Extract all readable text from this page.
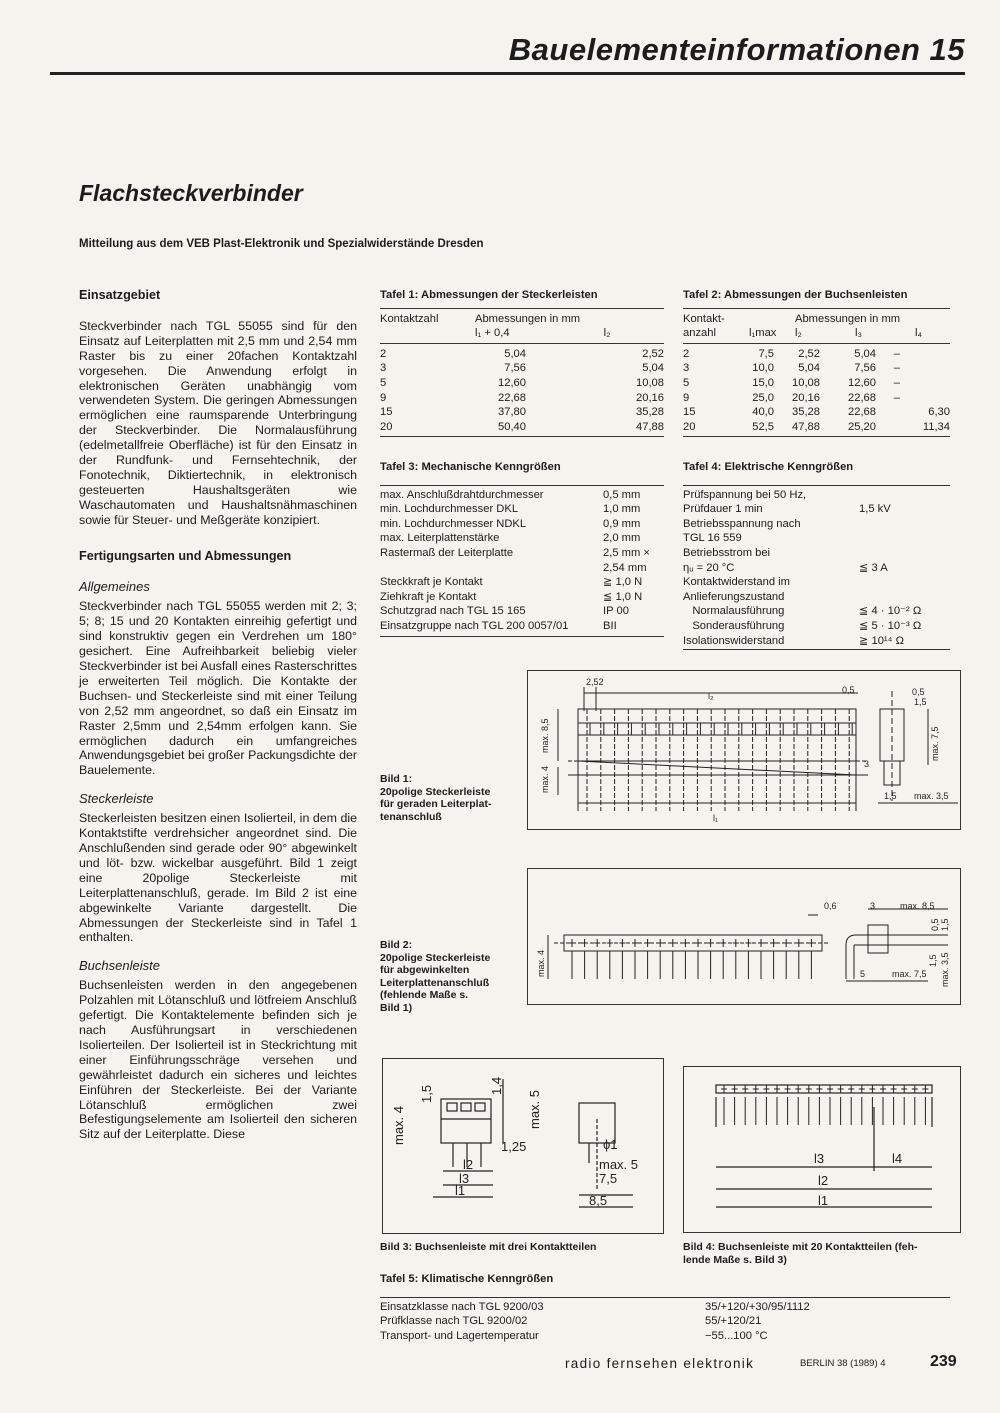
Bauelementeinformationen 15
Flachsteckverbinder
Mitteilung aus dem VEB Plast-Elektronik und Spezialwiderstände Dresden
Einsatzgebiet

Steckverbinder nach TGL 55055 sind für den Einsatz auf Leiterplatten mit 2,5 mm und 2,54 mm Raster bis zu einer 20fachen Kontaktzahl vorgesehen. Die Anwendung erfolgt in elektronischen Geräten unabhängig vom verwendeten System. Die geringen Abmessungen ermöglichen eine raumsparende Unterbringung der Steckverbinder. Die Normalausführung (edelmetallfreie Oberfläche) ist für den Einsatz in der Rundfunk- und Fernsehtechnik, der Fonotechnik, Diktiertechnik, in elektronisch gesteuerten Haushaltsgeräten wie Waschautomaten und Haushaltsnähmaschinen sowie für Steuer- und Meßgeräte konzipiert.

Fertigungsarten und Abmessungen
Allgemeines

Steckverbinder nach TGL 55055 werden mit 2; 3; 5; 8; 15 und 20 Kontakten einreihig gefertigt und sind konstruktiv gegen ein Verdrehen um 180° gesichert. Eine Aufreihbarkeit beliebig vieler Steckverbinder ist bei Ausfall eines Rasterschrittes je erweiterten Teil möglich. Die Kontakte der Buchsen- und Steckerleiste sind mit einer Teilung von 2,52 mm angeordnet, so daß ein Einsatz im Raster 2,5mm und 2,54mm erfolgen kann. Sie ermöglichen dadurch ein umfangreiches Anwendungsgebiet bei großer Packungsdichte der Bauelemente.

Steckerleiste

Steckerleisten besitzen einen Isolierteil, in dem die Kontaktstifte verdrehsicher angeordnet sind. Die Anschlußenden sind gerade oder 90° abgewinkelt und löt- bzw. wickelbar ausgeführt. Bild 1 zeigt eine 20polige Steckerleiste mit Leiterplattenanschluß, gerade. Im Bild 2 ist eine abgewinkelte Variante dargestellt. Die Abmessungen der Steckerleiste sind in Tafel 1 enthalten.

Buchsenleiste

Buchsenleisten werden in den angegebenen Polzahlen mit Lötanschluß und lötfreiem Anschluß gefertigt. Die Kontaktelemente befinden sich je nach Ausführungsart in verschiedenen Isolierteilen. Der Isolierteil ist in Steckrichtung mit einer Einführungsschräge versehen und gewährleistet dadurch ein sicheres und leichtes Einführen der Steckerleiste. Bei der Variante Lötanschluß ermöglichen zwei Befestigungselemente am Isolierteil den sicheren Sitz auf der Leiterplatte. Diese

Tafel 1: Abmessungen der Steckerleisten
Kontaktzahl	Abmessungen in mm	
	l₁ + 0,4	l₂
2	5,04	2,52
3	7,56	5,04
5	12,60	10,08
9	22,68	20,16
15	37,80	35,28
20	50,40	47,88
Tafel 2: Abmessungen der Buchsenleisten
Kontakt-	Abmessungen in mm
anzahl	l₁max	l₂	l₃	l₄
2	7,5	2,52	5,04	–
3	10,0	5,04	7,56	–
5	15,0	10,08	12,60	–
9	25,0	20,16	22,68	–
15	40,0	35,28	22,68	6,30
20	52,5	47,88	25,20	11,34
Tafel 3: Mechanische Kenngrößen
max. Anschlußdrahtdurchmesser	0,5 mm
min. Lochdurchmesser DKL	1,0 mm
min. Lochdurchmesser NDKL	0,9 mm
max. Leiterplattenstärke	2,0 mm
Rastermaß der Leiterplatte	2,5 mm ×
	2,54 mm
Steckkraft je Kontakt	≧ 1,0 N
Ziehkraft je Kontakt	≦ 1,0 N
Schutzgrad nach TGL 15 165	IP 00
Einsatzgruppe nach TGL 200 0057/01	BII
Tafel 4: Elektrische Kenngrößen
Prüfspannung bei 50 Hz,	
Prüfdauer 1 min	1,5 kV
Betriebsspannung nach	
TGL 16 559	
Betriebsstrom bei	
ηᵤ = 20 °C	≦ 3 A
Kontaktwiderstand im	
Anlieferungszustand	
Normalausführung	≦ 4 · 10⁻² Ω
Sonderausführung	≦ 5 · 10⁻³ Ω
Isolationswiderstand	≧ 10¹⁴ Ω
Bild 1:
20polige Steckerleiste
für geraden Leiterplat-
tenanschluß
2,52
l₂
l₁
0,5	0,5
1,5
max. 8,5
max. 4
3
max. 7,5
1,5 max. 3,5
Bild 2:
20polige Steckerleiste
für abgewinkelten
Leiterplattenanschluß
(fehlende Maße s.
Bild 1)
0,6	3	max. 8,5
1,5
0,5
max. 4	5	max. 7,5
1,5 max. 3,5
max. 4
1,5	1,4
max. 5
1,25
l2
l3
l1
ϕ1
max. 5
7,5
8,5
Bild 3: Buchsenleiste mit drei Kontaktteilen
l3	l4
l2
l1
Bild 4: Buchsenleiste mit 20 Kontaktteilen (feh-
lende Maße s. Bild 3)
Tafel 5: Klimatische Kenngrößen
Einsatzklasse nach TGL 9200/03	35/+120/+30/95/1112
Prüfklasse nach TGL 9200/02	55/+120/21
Transport- und Lagertemperatur	−55...100 °C
radio fernsehen elektronik	BERLIN 38 (1989) 4	239
